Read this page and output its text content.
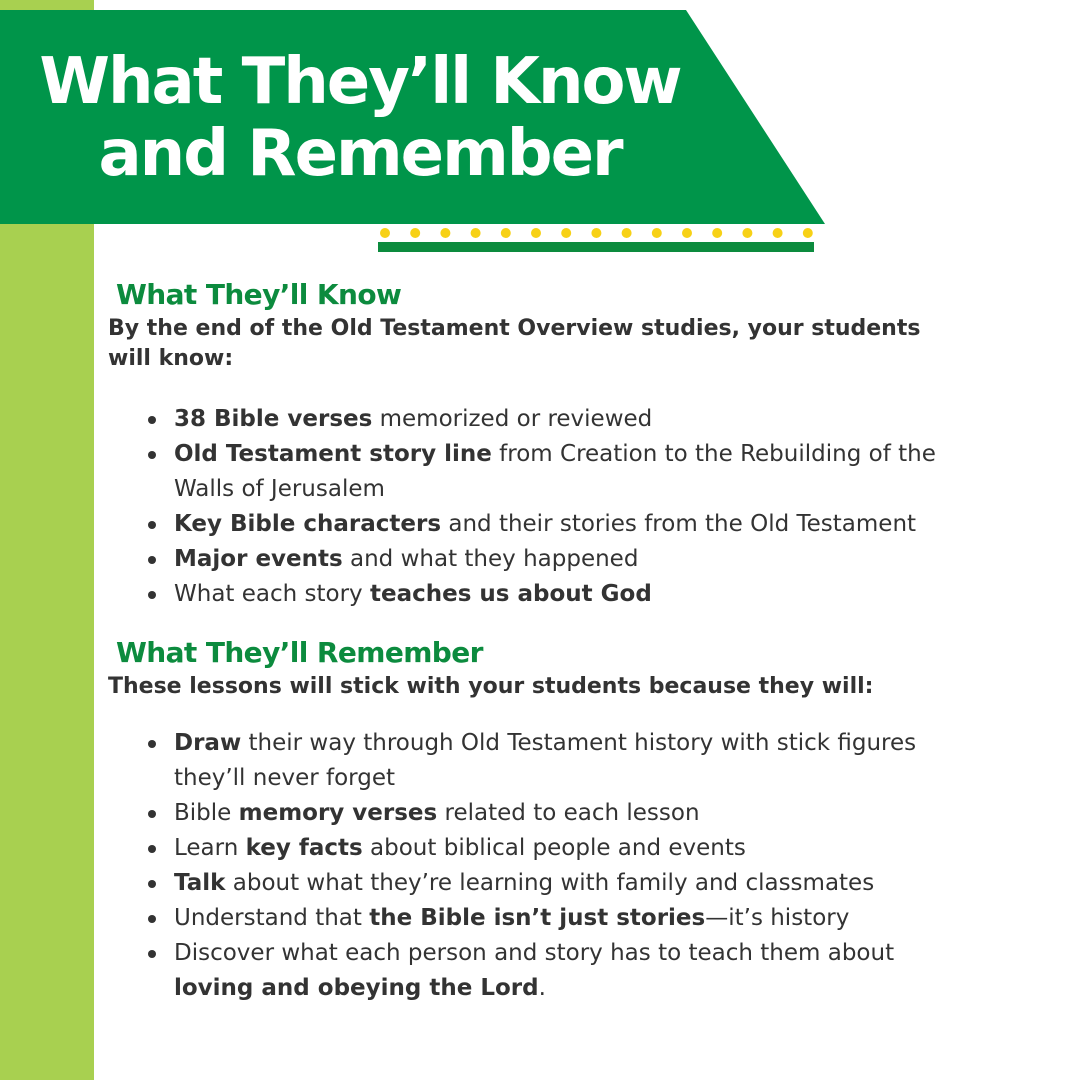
What They’ll Know
and Remember
What They’ll Know

By the end of the Old Testament Overview studies, your students
will know:

38 Bible verses memorized or reviewed
Old Testament story line from Creation to the Rebuilding of the
Walls of Jerusalem
Key Bible characters and their stories from the Old Testament
Major events and what they happened
What each story teaches us about God
What They’ll Remember

These lessons will stick with your students because they will:

Draw their way through Old Testament history with stick figures
they’ll never forget
Bible memory verses related to each lesson
Learn key facts about biblical people and events
Talk about what they’re learning with family and classmates
Understand that the Bible isn’t just stories—it’s history
Discover what each person and story has to teach them about
loving and obeying the Lord.
